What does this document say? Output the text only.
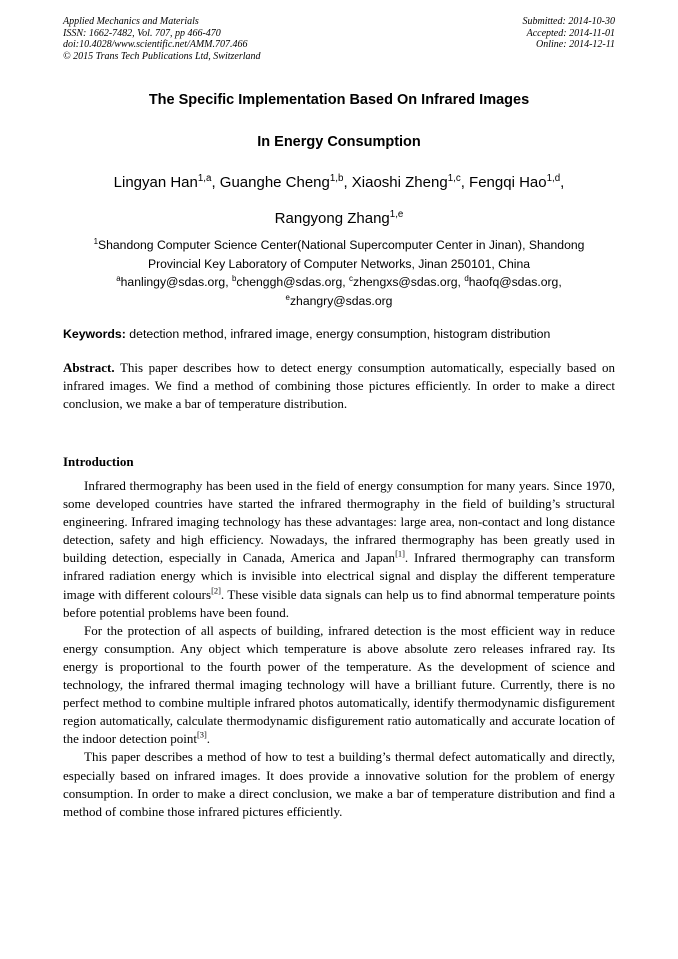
Applied Mechanics and Materials
ISSN: 1662-7482, Vol. 707, pp 466-470
doi:10.4028/www.scientific.net/AMM.707.466
© 2015 Trans Tech Publications Ltd, Switzerland
Submitted: 2014-10-30
Accepted: 2014-11-01
Online: 2014-12-11
The Specific Implementation Based On Infrared Images
In Energy Consumption
Lingyan Han$^{1,a}$, Guanghe Cheng$^{1,b}$, Xiaoshi Zheng$^{1,c}$, Fengqi Hao$^{1,d}$,
Rangyong Zhang$^{1,e}$
$^1$Shandong Computer Science Center(National Supercomputer Center in Jinan), Shandong
Provincial Key Laboratory of Computer Networks, Jinan 250101, China
$^a$hanlingy@sdas.org, $^b$chenggh@sdas.org, $^c$zhengxs@sdas.org, $^d$haofq@sdas.org,
$^e$zhangry@sdas.org
Keywords: detection method, infrared image, energy consumption, histogram distribution
Abstract. This paper describes how to detect energy consumption automatically, especially based on infrared images. We find a method of combining those pictures efficiently. In order to make a direct conclusion, we make a bar of temperature distribution.
Introduction

Infrared thermography has been used in the field of energy consumption for many years. Since 1970, some developed countries have started the infrared thermography in the field of building’s structural engineering. Infrared imaging technology has these advantages: large area, non-contact and long distance detection, safety and high efficiency. Nowadays, the infrared thermography has been greatly used in building detection, especially in Canada, America and Japan[1]. Infrared thermography can transform infrared radiation energy which is invisible into electrical signal and display the different temperature image with different colours[2]. These visible data signals can help us to find abnormal temperature points before potential problems have been found.

For the protection of all aspects of building, infrared detection is the most efficient way in reduce energy consumption. Any object which temperature is above absolute zero releases infrared ray. Its energy is proportional to the fourth power of the temperature. As the development of science and technology, the infrared thermal imaging technology will have a brilliant future. Currently, there is no perfect method to combine multiple infrared photos automatically, identify thermodynamic disfigurement region automatically, calculate thermodynamic disfigurement ratio automatically and accurate location of the indoor detection point[3].

This paper describes a method of how to test a building’s thermal defect automatically and directly, especially based on infrared images. It does provide a innovative solution for the problem of energy consumption. In order to make a direct conclusion, we make a bar of temperature distribution and find a method of combine those infrared pictures efficiently.
